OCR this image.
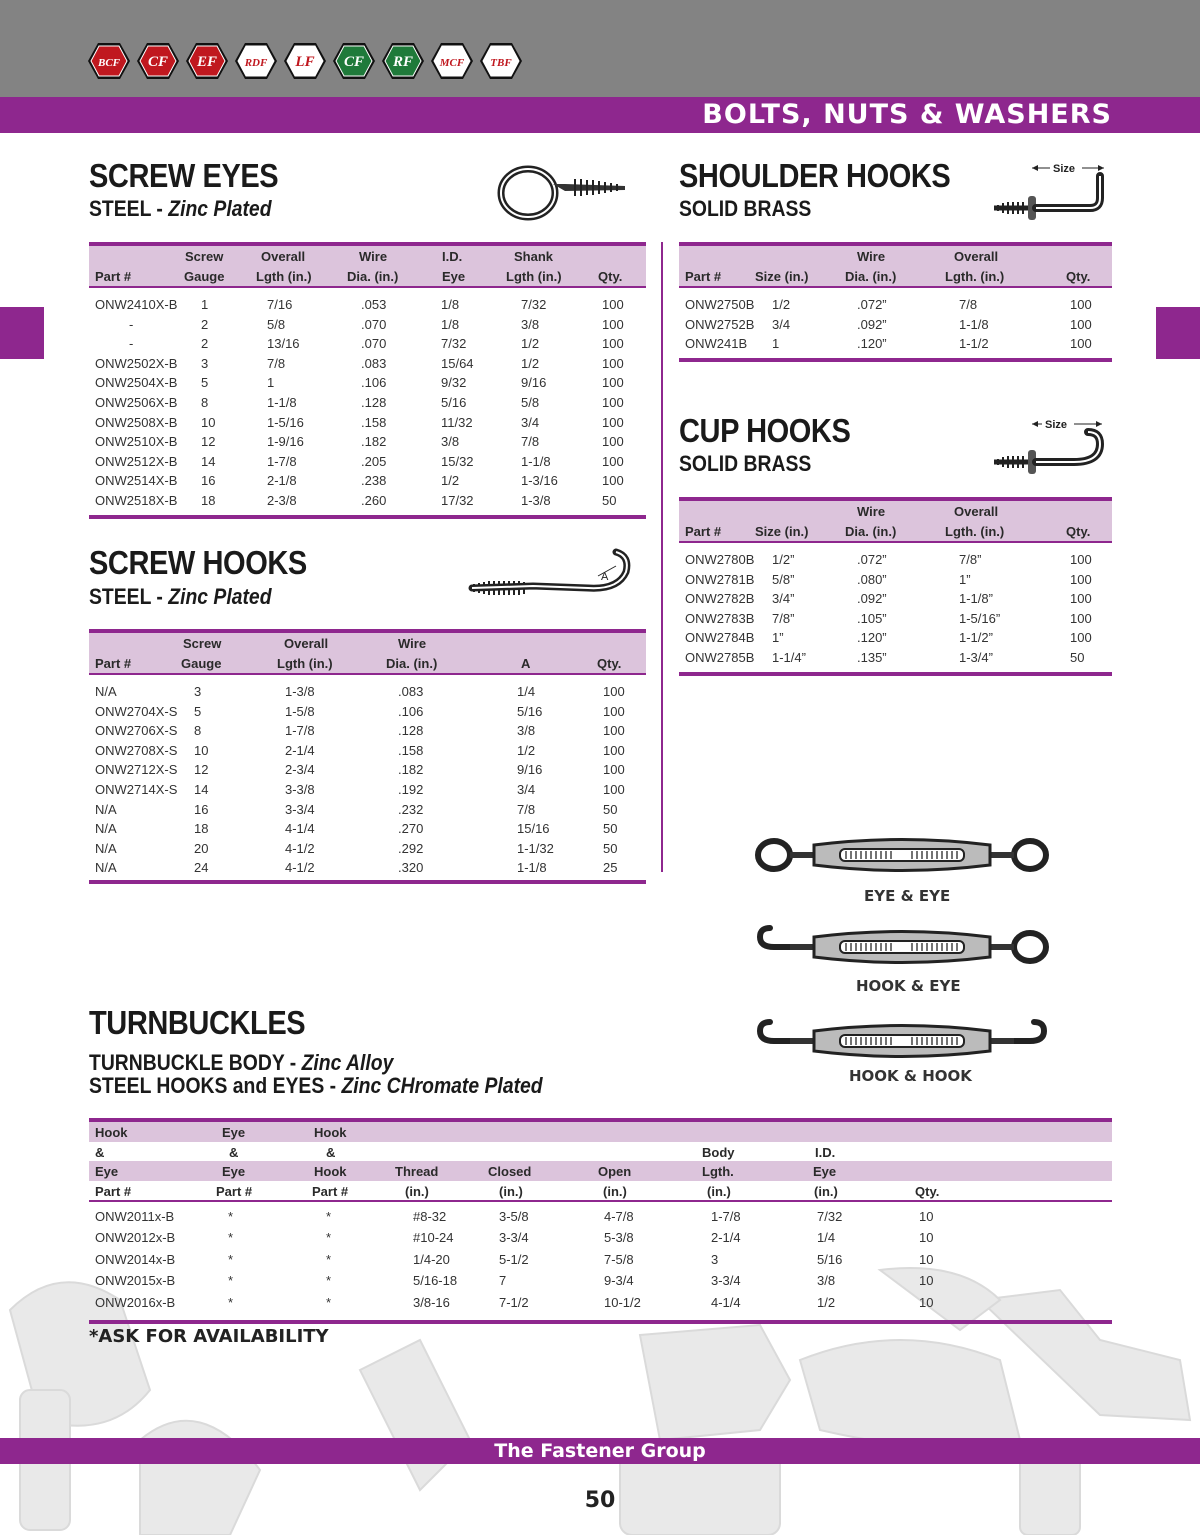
BCF CF EF	RDF LF CF RF MCF TBF
BOLTS, NUTS & WASHERS
SCREW EYES
STEEL - Zinc Plated
Screw	Overall	Wire	I.D.	Shank
Part #	Gauge Lgth (in.)	Dia. (in.)	Eye	Lgth (in.)	Qty.
ONW2410X-B 1	7/16	.053	1/8	7/32	100
-	2	5/8	.070	1/8	3/8	100
-	2	13/16	.070	7/32	1/2	100
ONW2502X-B 3	7/8	.083	15/64	1/2	100
ONW2504X-B 5	1	.106	9/32	9/16	100
ONW2506X-B 8	1-1/8	.128	5/16	5/8	100
ONW2508X-B 10	1-5/16	.158	11/32	3/4	100
ONW2510X-B 12	1-9/16	.182	3/8	7/8	100
ONW2512X-B 14	1-7/8	.205	15/32	1-1/8	100
ONW2514X-B 16	2-1/8	.238	1/2	1-3/16	100
ONW2518X-B 18	2-3/8	.260	17/32	1-3/8	50
SCREW HOOKS
STEEL - Zinc Plated
A
Screw	Overall	Wire
Part #	Gauge	Lgth (in.)	Dia. (in.)	A	Qty.
N/A	3	1-3/8	.083	1/4	100
ONW2704X-S 5	1-5/8	.106	5/16	100
ONW2706X-S 8	1-7/8	.128	3/8	100
ONW2708X-S 10	2-1/4	.158	1/2	100
ONW2712X-S 12	2-3/4	.182	9/16	100
ONW2714X-S 14	3-3/8	.192	3/4	100
N/A	16	3-3/4	.232	7/8	50
N/A	18	4-1/4	.270	15/16	50
N/A	20	4-1/2	.292	1-1/32	50
N/A	24	4-1/2	.320	1-1/8	25
SHOULDER HOOKS
SOLID BRASS
Size
Wire	Overall
Part #	Size (in.)	Dia. (in.)	Lgth. (in.)	Qty.
ONW2750B 1/2	.072”	7/8	100
ONW2752B 3/4	.092”	1-1/8	100
ONW241B 1	.120”	1-1/2	100
CUP HOOKS
SOLID BRASS
Size
Wire	Overall
Part #	Size (in.)	Dia. (in.)	Lgth. (in.)	Qty.
ONW2780B 1/2”	.072”	7/8”	100
ONW2781B 5/8”	.080”	1”	100
ONW2782B 3/4”	.092”	1-1/8”	100
ONW2783B 7/8”	.105”	1-5/16”	100
ONW2784B 1”	.120”	1-1/2”	100
ONW2785B 1-1/4”	.135”	1-3/4”	50
EYE & EYE
HOOK & EYE
HOOK & HOOK
TURNBUCKLES
TURNBUCKLE BODY - Zinc Alloy
STEEL HOOKS and EYES - Zinc CHromate Plated
Hook	Eye	Hook
&	&	&	Body	I.D.
Eye	Eye	Hook	Thread	Closed	Open	Lgth.	Eye
Part #	Part #	Part #	(in.)	(in.)	(in.)	(in.)	(in.)	Qty.
ONW2011x-B	*	*	#8-32	3-5/8	4-7/8	1-7/8	7/32	10
ONW2012x-B	*	*	#10-24	3-3/4	5-3/8	2-1/4	1/4	10
ONW2014x-B	*	*	1/4-20	5-1/2	7-5/8	3	5/16	10
ONW2015x-B	*	*	5/16-18	7	9-3/4	3-3/4	3/8	10
ONW2016x-B	*	*	3/8-16	7-1/2	10-1/2	4-1/4	1/2	10
*ASK FOR AVAILABILITY
The Fastener Group
50
